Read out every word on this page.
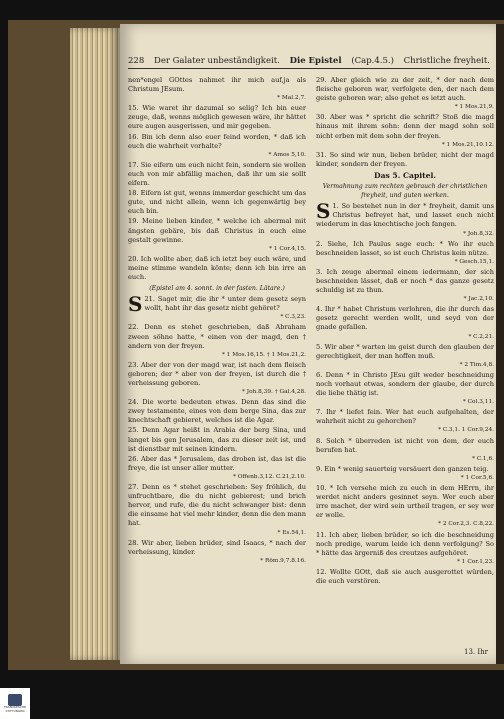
228 Der Galater unbeständigkeit. Die Epistel (Cap.4.5.) Christliche freyheit.

nen*engel GOttes nahmet ihr mich auf,ja als Christum JEsum.
* Mal.2,7.

15. Wie waret ihr dazumal so selig? Ich bin euer zeuge, daß, wenns möglich gewesen wäre, ihr hättet eure augen ausgerissen, und mir gegeben.

16. Bin ich denn also euer feind worden, * daß ich euch die wahrheit vorhalte?
* Amos 5,10.

17. Sie eifern um euch nicht fein, sondern sie wollen euch von mir abfällig machen, daß ihr um sie sollt eifern.

18. Eifern ist gut, wenns immerdar geschicht um das gute, und nicht allein, wenn ich gegenwärtig bey euch bin.

19. Meine lieben kinder, * welche ich abermal mit ängsten gebäre, bis daß Christus in euch eine gestalt gewinne.
* 1 Cor.4,15.

20. Ich wollte aber, daß ich ietzt bey euch wäre, und meine stimme wandeln könte; denn ich bin irre an euch.

(Epistel am 4. sonnt. in der fasten. Lätare.)

S 21. Saget mir, die ihr * unter dem gesetz seyn wollt, habt ihr das gesetz nicht gehöret?
* C.3,23.

22. Denn es stehet geschrieben, daß Abraham zween söhne hatte, * einen von der magd, den † andern von der freyen.
* 1 Mos.16,15. † 1 Mos.21,2.

23. Aber der von der magd war, ist nach dem fleisch geboren; der * aber von der freyen, ist durch die † verheissung geboren.
* Joh.8,39. † Gal.4,28.

24. Die worte bedeuten etwas. Denn das sind die zwey testamente, eines von dem berge Sina, das zur knechtschaft gebieret, welches ist die Agar.

25. Denn Agar heißt in Arabia der berg Sina, und langet bis gen Jerusalem, das zu dieser zeit ist, und ist dienstbar mit seinen kindern.

26. Aber das * Jerusalem, das droben ist, das ist die freye, die ist unser aller mutter.
* Offenb.3,12. C.21,2.10.

27. Denn es * stehet geschrieben: Sey fröhlich, du unfruchtbare, die du nicht gebierest; und brich hervor, und rufe, die du nicht schwanger bist: denn die einsame hat viel mehr kinder, denn die den mann hat.
* Es.54,1.

28. Wir aber, lieben brüder, sind Isaacs, * nach der verheissung, kinder.
* Röm.9,7.8.16.

29. Aber gleich wie zu der zeit, * der nach dem fleische geboren war, verfolgete den, der nach dem geiste geboren war; also gehet es ietzt auch.
* 1 Mos.21,9.

30. Aber was * spricht die schrift? Stoß die magd hinaus mit ihrem sohn: denn der magd sohn soll nicht erben mit dem sohn der freyen.
* 1 Mos.21,10.12.

31. So sind wir nun, lieben brüder, nicht der magd kinder, sondern der freyen.

Das 5. Capitel.
Vermahnung zum rechten gebrauch der christlichen freyheit, und guten werken.

S 1. So bestehet nun in der * freyheit, damit uns Christus befreyet hat, und lasset euch nicht wiederum in das knechtische joch fangen.
* Joh.8,32.

2. Siehe, Ich Paulus sage euch: * Wo ihr euch beschneiden lasset, so ist euch Christus kein nütze.
* Gesch.15,1.

3. Ich zeuge abermal einem iedermann, der sich beschneiden lässet, daß er noch * das ganze gesetz schuldig ist zu thun.
* Jac.2,10.

4. Ihr * habet Christum verlohren, die ihr durch das gesetz gerecht werden wollt, und seyd von der gnade gefallen.
* C.2,21.

5. Wir aber * warten im geist durch den glauben der gerechtigkeit, der man hoffen muß.
* 2 Tim.4,8.

6. Denn * in Christo JEsu gilt weder beschneidung noch vorhaut etwas, sondern der glaube, der durch die liebe thätig ist.
* Col.3,11.

7. Ihr * liefet fein. Wer hat euch aufgehalten, der wahrheit nicht zu gehorchen?
* C.3,1. 1 Cor.9,24.

8. Solch * überreden ist nicht von dem, der euch berufen hat.
* C.1,6.

9. Ein * wenig sauerteig versäuert den ganzen teig.
* 1 Cor.5,6.

10. * Ich versehe mich zu euch in dem HErrn, ihr werdet nicht anders gesinnet seyn. Wer euch aber irre machet, der wird sein urtheil tragen, er sey wer er wolle.
* 2 Cor.2,3. C.8,22.

11. Ich aber, lieben brüder, so ich die beschneidung noch predige, warum leide ich denn verfolgung? So * hätte das ärgerniß des creutzes aufgehöret.
* 1 Cor.1,23.

12. Wollte GOtt, daß sie auch ausgerottet würden, die euch verstören.

13. Ihr
FRANCKESCHE
STIFTUNGEN
